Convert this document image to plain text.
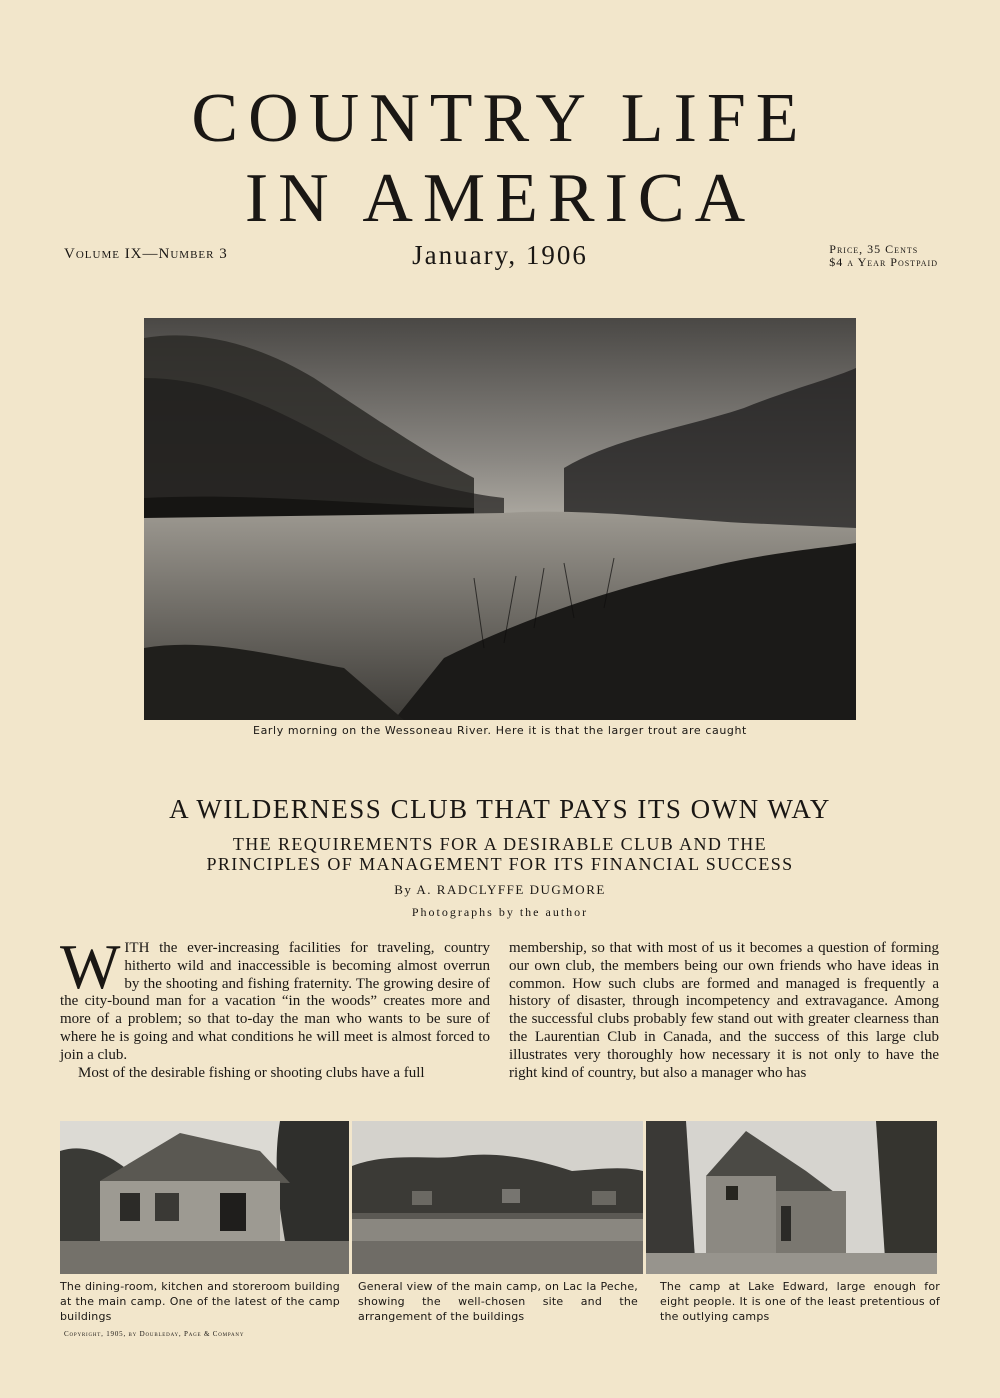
COUNTRY LIFE
IN AMERICA
Volume IX—Number 3	January, 1906	Price, 35 Cents
$4 a Year Postpaid
Early morning on the Wessoneau River. Here it is that the larger trout are caught
A WILDERNESS CLUB THAT PAYS ITS OWN WAY
THE REQUIREMENTS FOR A DESIRABLE CLUB AND THE
PRINCIPLES OF MANAGEMENT FOR ITS FINANCIAL SUCCESS
By A. RADCLYFFE DUGMORE
Photographs by the author

WITH the ever-increasing facilities for traveling, country hitherto wild and inaccessible is becoming almost overrun by the shooting and fishing fraternity. The growing desire of the city-bound man for a vacation “in the woods” creates more and more of a problem; so that to-day the man who wants to be sure of where he is going and what conditions he will meet is almost forced to join a club.

Most of the desirable fishing or shooting clubs have a full

membership, so that with most of us it becomes a question of forming our own club, the members being our own friends who have ideas in common. How such clubs are formed and managed is frequently a history of disaster, through incompetency and extravagance. Among the successful clubs probably few stand out with greater clearness than the Laurentian Club in Canada, and the success of this large club illustrates very thoroughly how necessary it is not only to have the right kind of country, but also a manager who has

The dining-room, kitchen and storeroom building at the main camp. One of the latest of the camp buildings
General view of the main camp, on Lac la Peche, showing the well-chosen site and the arrangement of the buildings
The camp at Lake Edward, large enough for eight people. It is one of the least pretentious of the outlying camps
Copyright, 1905, by Doubleday, Page & Company
